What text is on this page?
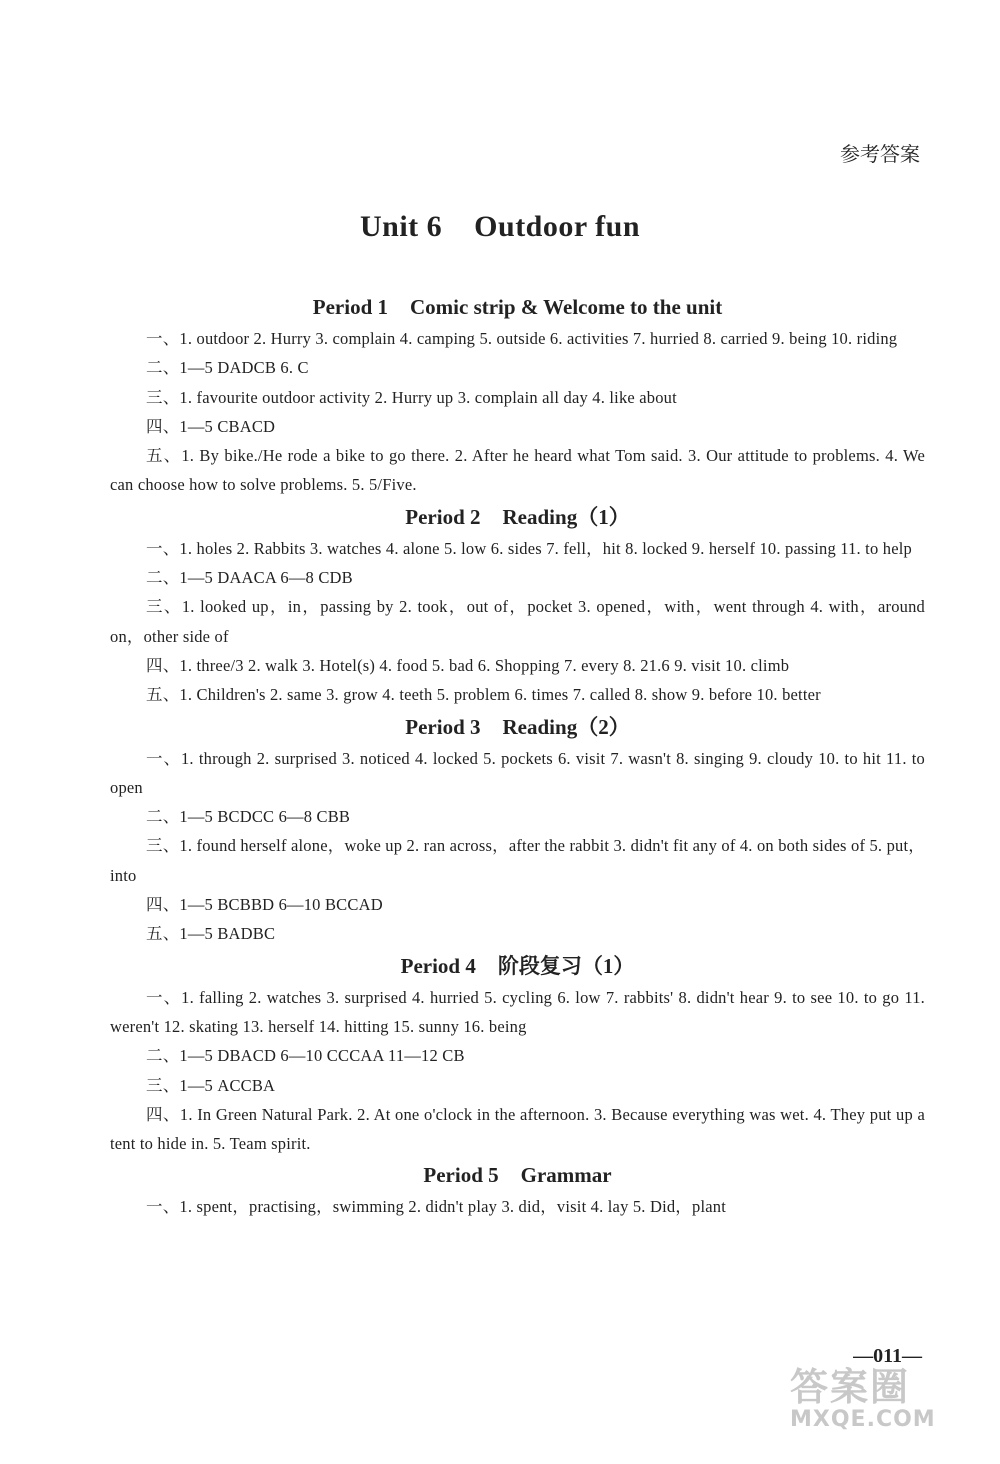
参考答案
Unit 6 Outdoor fun
Period 1 Comic strip & Welcome to the unit

一、1. outdoor 2. Hurry 3. complain 4. camping 5. outside 6. activities 7. hurried 8. carried 9. being 10. riding

二、1—5 DADCB 6. C

三、1. favourite outdoor activity 2. Hurry up 3. complain all day 4. like about

四、1—5 CBACD

五、1. By bike./He rode a bike to go there. 2. After he heard what Tom said. 3. Our attitude to problems. 4. We can choose how to solve problems. 5. 5/Five.

Period 2 Reading（1）

一、1. holes 2. Rabbits 3. watches 4. alone 5. low 6. sides 7. fell，hit 8. locked 9. herself 10. passing 11. to help

二、1—5 DAACA 6—8 CDB

三、1. looked up，in，passing by 2. took，out of，pocket 3. opened，with，went through 4. with，around on，other side of

四、1. three/3 2. walk 3. Hotel(s) 4. food 5. bad 6. Shopping 7. every 8. 21.6 9. visit 10. climb

五、1. Children's 2. same 3. grow 4. teeth 5. problem 6. times 7. called 8. show 9. before 10. better

Period 3 Reading（2）

一、1. through 2. surprised 3. noticed 4. locked 5. pockets 6. visit 7. wasn't 8. singing 9. cloudy 10. to hit 11. to open

二、1—5 BCDCC 6—8 CBB

三、1. found herself alone，woke up 2. ran across，after the rabbit 3. didn't fit any of 4. on both sides of 5. put，into

四、1—5 BCBBD 6—10 BCCAD

五、1—5 BADBC

Period 4 阶段复习（1）

一、1. falling 2. watches 3. surprised 4. hurried 5. cycling 6. low 7. rabbits' 8. didn't hear 9. to see 10. to go 11. weren't 12. skating 13. herself 14. hitting 15. sunny 16. being

二、1—5 DBACD 6—10 CCCAA 11—12 CB

三、1—5 ACCBA

四、1. In Green Natural Park. 2. At one o'clock in the afternoon. 3. Because everything was wet. 4. They put up a tent to hide in. 5. Team spirit.

Period 5 Grammar

一、1. spent，practising，swimming 2. didn't play 3. did，visit 4. lay 5. Did，plant

—011—
答案圈
MXQE.COM
